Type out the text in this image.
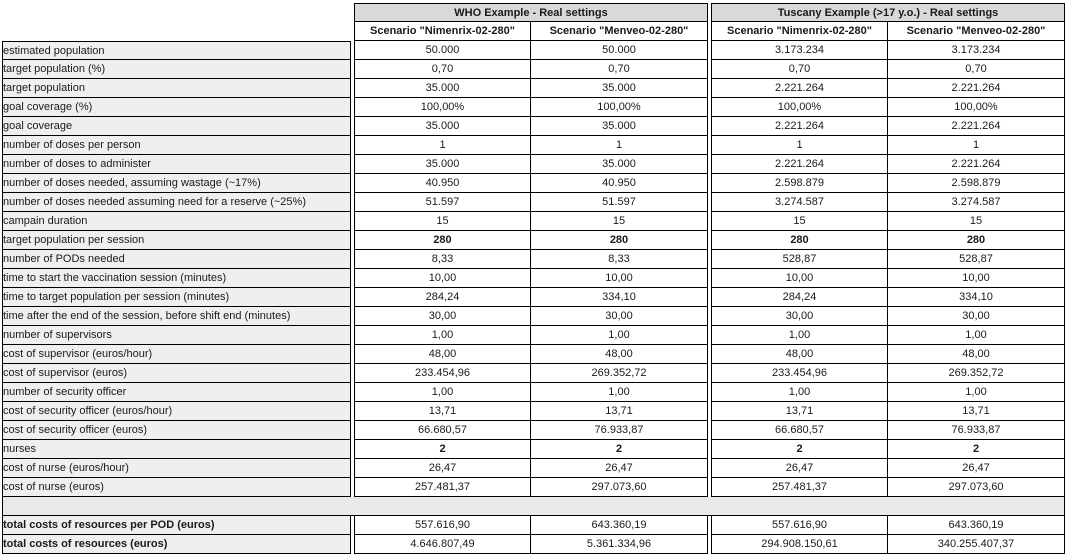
		WHO Example - Real settings			Tuscany Example (>17 y.o.) - Real settings	
		Scenario "Nimenrix-02-280"	Scenario "Menveo-02-280"		Scenario "Nimenrix-02-280"	Scenario "Menveo-02-280"
estimated population		50.000	50.000		3.173.234	3.173.234
target population (%)		0,70	0,70		0,70	0,70
target population		35.000	35.000		2.221.264	2.221.264
goal coverage (%)		100,00%	100,00%		100,00%	100,00%
goal coverage		35.000	35.000		2.221.264	2.221.264
number of doses per person		1	1		1	1
number of doses to administer		35.000	35.000		2.221.264	2.221.264
number of doses needed, assuming wastage (~17%)		40.950	40.950		2.598.879	2.598.879
number of doses needed assuming need for a reserve (~25%)		51.597	51.597		3.274.587	3.274.587
campain duration		15	15		15	15
target population per session		280	280		280	280
number of PODs needed		8,33	8,33		528,87	528,87
time to start the vaccination session (minutes)		10,00	10,00		10,00	10,00
time to target population per session (minutes)		284,24	334,10		284,24	334,10
time after the end of the session, before shift end (minutes)		30,00	30,00		30,00	30,00
number of supervisors		1,00	1,00		1,00	1,00
cost of supervisor (euros/hour)		48,00	48,00		48,00	48,00
cost of supervisor (euros)		233.454,96	269.352,72		233.454,96	269.352,72
number of security officer		1,00	1,00		1,00	1,00
cost of security officer (euros/hour)		13,71	13,71		13,71	13,71
cost of security officer (euros)		66.680,57	76.933,87		66.680,57	76.933,87
nurses		2	2		2	2
cost of nurse (euros/hour)		26,47	26,47		26,47	26,47
cost of nurse (euros)		257.481,37	297.073,60		257.481,37	297.073,60

total costs of resources per POD (euros)		557.616,90	643.360,19		557.616,90	643.360,19
total costs of resources (euros)		4.646.807,49	5.361.334,96		294.908.150,61	340.255.407,37
